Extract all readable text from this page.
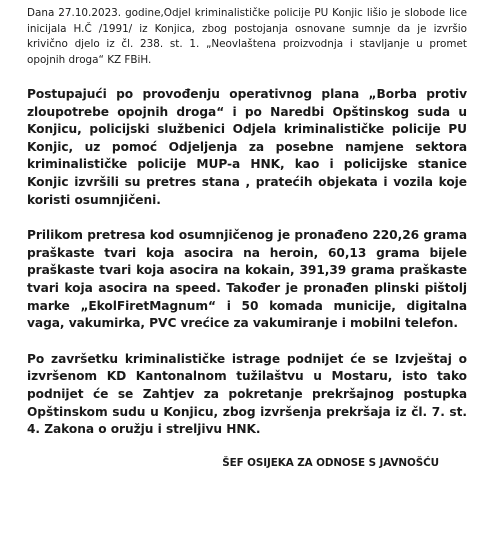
Dana 27.10.2023. godine,Odjel kriminalističke policije PU Konjic lišio je slobode lice inicijala H.Č /1991/ iz Konjica, zbog postojanja osnovane sumnje da je izvršio krivično djelo iz čl. 238. st. 1. „Neovlaštena proizvodnja i stavljanje u promet opojnih droga“ KZ FBiH.

Postupajući po provođenju operativnog plana „Borba protiv zloupotrebe opojnih droga“ i po Naredbi Opštinskog suda u Konjicu, policijski službenici Odjela kriminalističke policije PU Konjic, uz pomoć Odjeljenja za posebne namjene sektora kriminalističke policije MUP-a HNK, kao i policijske stanice Konjic izvršili su pretres stana , pratećih objekata i vozila koje koristi osumnjičeni.

Prilikom pretresa kod osumnjičenog je pronađeno 220,26 grama praškaste tvari koja asocira na heroin, 60,13 grama bijele praškaste tvari koja asocira na kokain, 391,39 grama praškaste tvari koja asocira na speed. Također je pronađen plinski pištolj marke „EkolFiretMagnum“ i 50 komada municije, digitalna vaga, vakumirka, PVC vrećice za vakumiranje i mobilni telefon.

Po završetku kriminalističke istrage podnijet će se Izvještaj o izvršenom KD Kantonalnom tužilaštvu u Mostaru, isto tako podnijet će se Zahtjev za pokretanje prekršajnog postupka Opštinskom sudu u Konjicu, zbog izvršenja prekršaja iz čl. 7. st. 4. Zakona o oružju i streljivu HNK.

ŠEF OSIJEKA ZA ODNOSE S JAVNOŠĆU
